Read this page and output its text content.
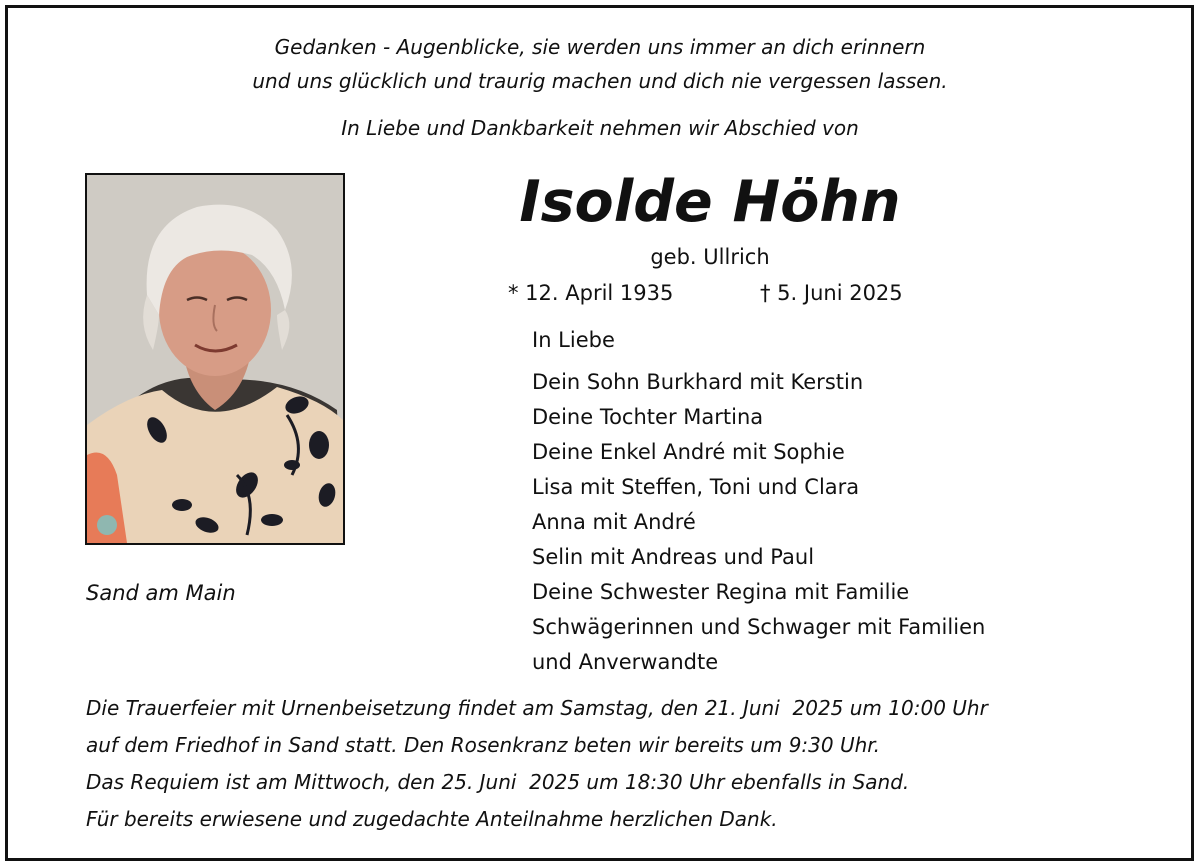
Gedanken - Augenblicke, sie werden uns immer an dich erinnern
und uns glücklich und traurig machen und dich nie vergessen lassen.
In Liebe und Dankbarkeit nehmen wir Abschied von
Isolde Höhn
geb. Ullrich
* 12. April 1935	† 5. Juni 2025
In Liebe
Dein Sohn Burkhard mit Kerstin
Deine Tochter Martina
Deine Enkel André mit Sophie
Lisa mit Steffen, Toni und Clara
Anna mit André
Selin mit Andreas und Paul
Deine Schwester Regina mit Familie
Schwägerinnen und Schwager mit Familien
und Anverwandte
Sand am Main
Die Trauerfeier mit Urnenbeisetzung findet am Samstag, den 21. Juni  2025 um 10:00 Uhr
auf dem Friedhof in Sand statt. Den Rosenkranz beten wir bereits um 9:30 Uhr.
Das Requiem ist am Mittwoch, den 25. Juni  2025 um 18:30 Uhr ebenfalls in Sand.
Für bereits erwiesene und zugedachte Anteilnahme herzlichen Dank.
